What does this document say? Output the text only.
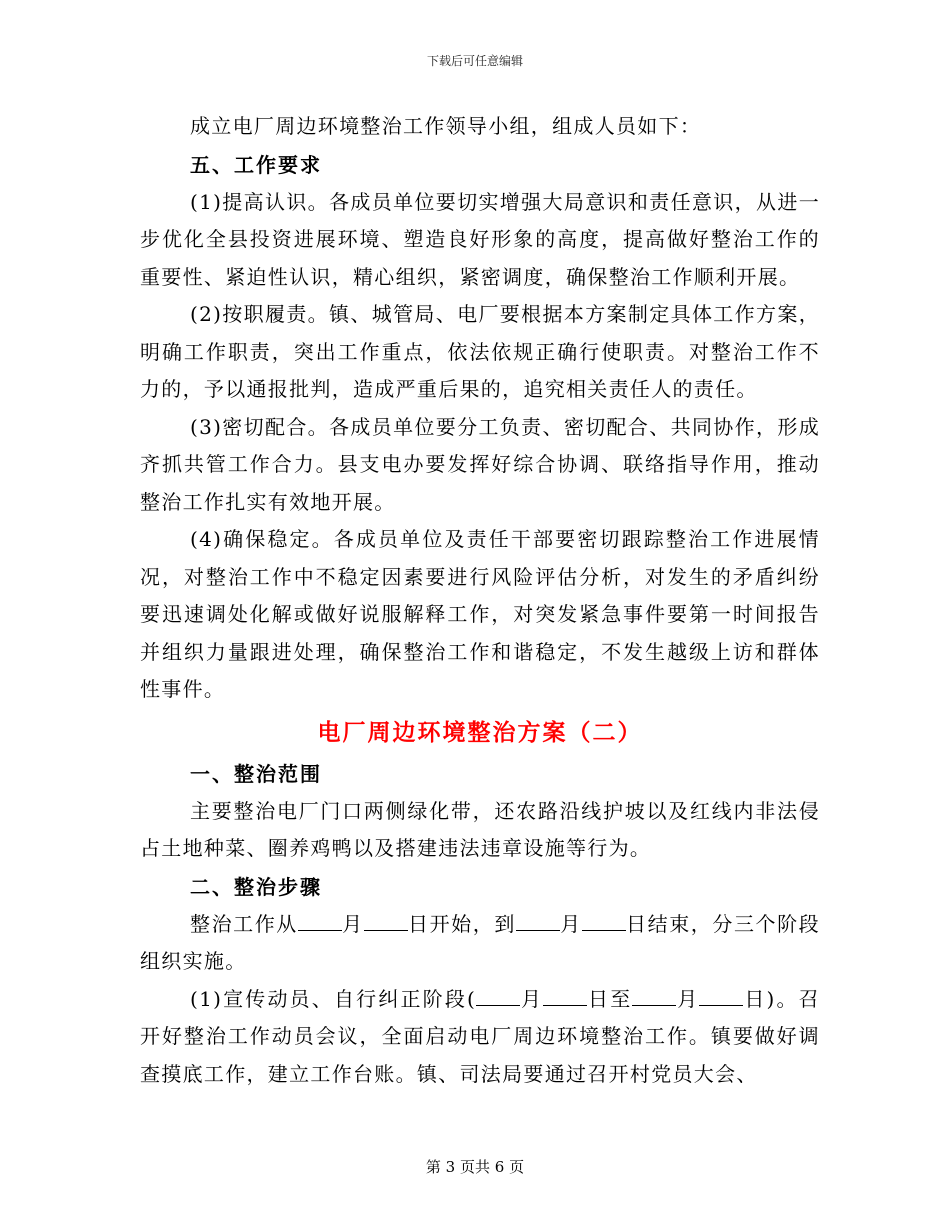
下载后可任意编辑

成立电厂周边环境整治工作领导小组，组成人员如下：

五、工作要求

(1)提高认识。各成员单位要切实增强大局意识和责任意识，从进一步优化全县投资进展环境、塑造良好形象的高度，提高做好整治工作的重要性、紧迫性认识，精心组织，紧密调度，确保整治工作顺利开展。

(2)按职履责。镇、城管局、电厂要根据本方案制定具体工作方案，明确工作职责，突出工作重点，依法依规正确行使职责。对整治工作不力的，予以通报批判，造成严重后果的，追究相关责任人的责任。

(3)密切配合。各成员单位要分工负责、密切配合、共同协作，形成齐抓共管工作合力。县支电办要发挥好综合协调、联络指导作用，推动整治工作扎实有效地开展。

(4)确保稳定。各成员单位及责任干部要密切跟踪整治工作进展情况，对整治工作中不稳定因素要进行风险评估分析，对发生的矛盾纠纷要迅速调处化解或做好说服解释工作，对突发紧急事件要第一时间报告并组织力量跟进处理，确保整治工作和谐稳定，不发生越级上访和群体性事件。

电厂周边环境整治方案（二）

一、整治范围

主要整治电厂门口两侧绿化带，还农路沿线护坡以及红线内非法侵占土地种菜、圈养鸡鸭以及搭建违法违章设施等行为。

二、整治步骤

整治工作从 月 日开始，到 月 日结束，分三个阶段组织实施。

(1)宣传动员、自行纠正阶段( 月 日至 月 日)。召开好整治工作动员会议，全面启动电厂周边环境整治工作。镇要做好调查摸底工作，建立工作台账。镇、司法局要通过召开村党员大会、

第 3 页共 6 页
